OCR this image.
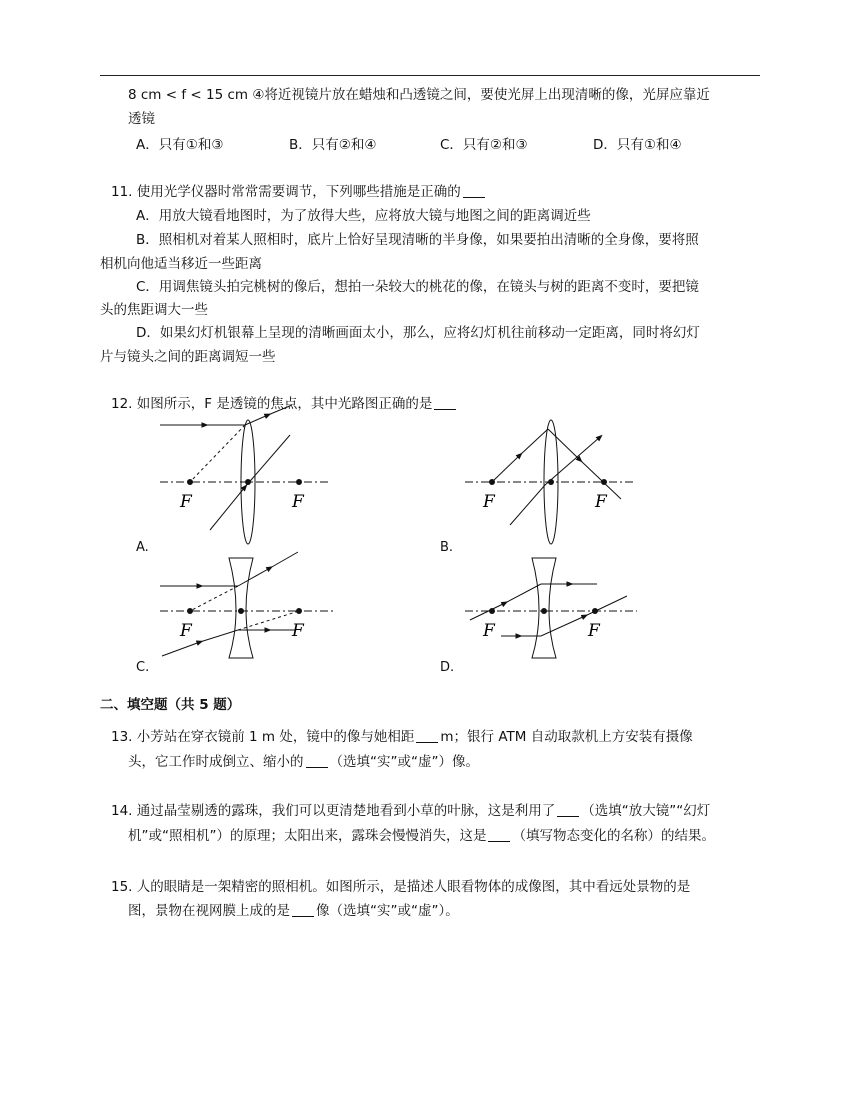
8 cm < f < 15 cm ④将近视镜片放在蜡烛和凸透镜之间，要使光屏上出现清晰的像，光屏应靠近

透镜

A．只有①和③	B．只有②和④	C．只有②和③	D．只有①和④

11. 使用光学仪器时常常需要调节，下列哪些措施是正确的

A．用放大镜看地图时，为了放得大些，应将放大镜与地图之间的距离调近些

B．照相机对着某人照相时，底片上恰好呈现清晰的半身像，如果要拍出清晰的全身像，要将照

相机向他适当移近一些距离

C．用调焦镜头拍完桃树的像后，想拍一朵较大的桃花的像，在镜头与树的距离不变时，要把镜

头的焦距调大一些

D．如果幻灯机银幕上呈现的清晰画面太小，那么，应将幻灯机往前移动一定距离，同时将幻灯

片与镜头之间的距离调短一些

12. 如图所示，F 是透镜的焦点，其中光路图正确的是

F	F

A.

F	F

B.

F	F

C.

F	F

D.

二、填空题（共 5 题）

13. 小芳站在穿衣镜前 1 m 处，镜中的像与她相距 m；银行 ATM 自动取款机上方安装有摄像

头，它工作时成倒立、缩小的 （选填“实”或“虚”）像。

14. 通过晶莹剔透的露珠，我们可以更清楚地看到小草的叶脉，这是利用了 （选填“放大镜”“幻灯

机”或“照相机”）的原理；太阳出来，露珠会慢慢消失，这是 （填写物态变化的名称）的结果。

15. 人的眼睛是一架精密的照相机。如图所示，是描述人眼看物体的成像图，其中看远处景物的是

图，景物在视网膜上成的是 像（选填“实”或“虚”）。
